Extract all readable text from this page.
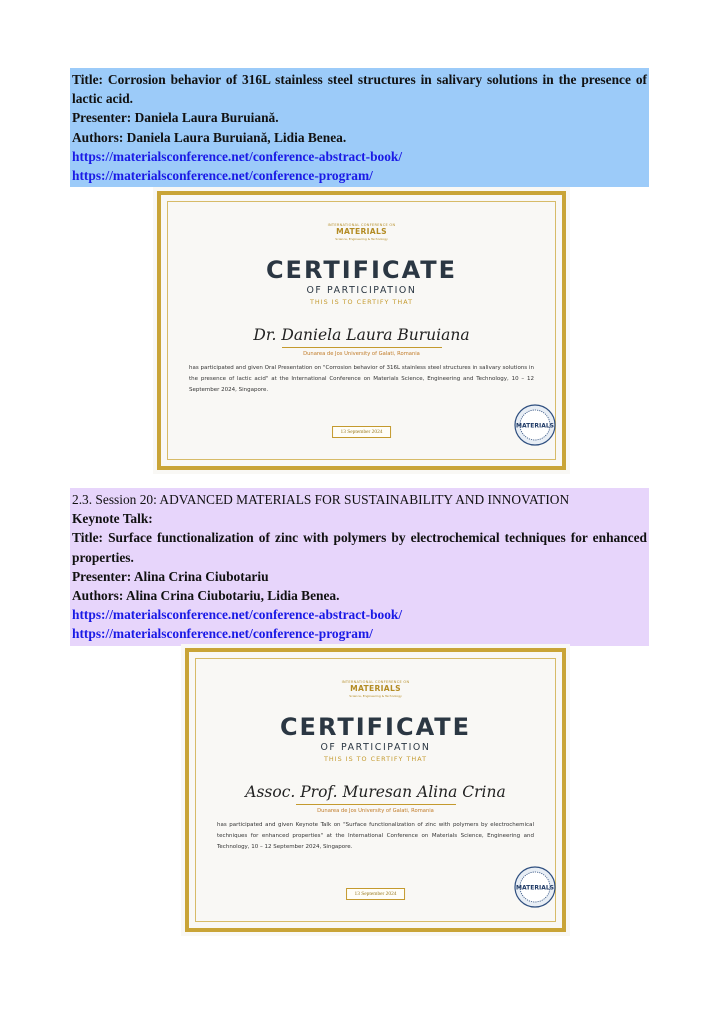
Title: Corrosion behavior of 316L stainless steel structures in salivary solutions in the presence of lactic acid.
Presenter: Daniela Laura Buruianǎ.
Authors: Daniela Laura Buruianǎ, Lidia Benea.
https://materialsconference.net/conference-abstract-book/
https://materialsconference.net/conference-program/
INTERNATIONAL CONFERENCE ON
MATERIALS
Science, Engineering & Technology
CERTIFICATE
OF PARTICIPATION
THIS IS TO CERTIFY THAT
Dr. Daniela Laura Buruiana
Dunarea de Jos University of Galati, Romania
has participated and given Oral Presentation on "Corrosion behavior of 316L stainless steel structures in salivary solutions in the presence of lactic acid" at the International Conference on Materials Science, Engineering and Technology, 10 – 12 September 2024, Singapore.
13 September 2024
MATERIALS
2.3. Session 20: ADVANCED MATERIALS FOR SUSTAINABILITY AND INNOVATION
Keynote Talk:
Title: Surface functionalization of zinc with polymers by electrochemical techniques for enhanced properties.
Presenter: Alina Crina Ciubotariu
Authors: Alina Crina Ciubotariu, Lidia Benea.
https://materialsconference.net/conference-abstract-book/
https://materialsconference.net/conference-program/
INTERNATIONAL CONFERENCE ON
MATERIALS
Science, Engineering & Technology
CERTIFICATE
OF PARTICIPATION
THIS IS TO CERTIFY THAT
Assoc. Prof. Muresan Alina Crina
Dunarea de Jos University of Galati, Romania
has participated and given Keynote Talk on "Surface functionalization of zinc with polymers by electrochemical techniques for enhanced properties" at the International Conference on Materials Science, Engineering and Technology, 10 – 12 September 2024, Singapore.
13 September 2024
MATERIALS
